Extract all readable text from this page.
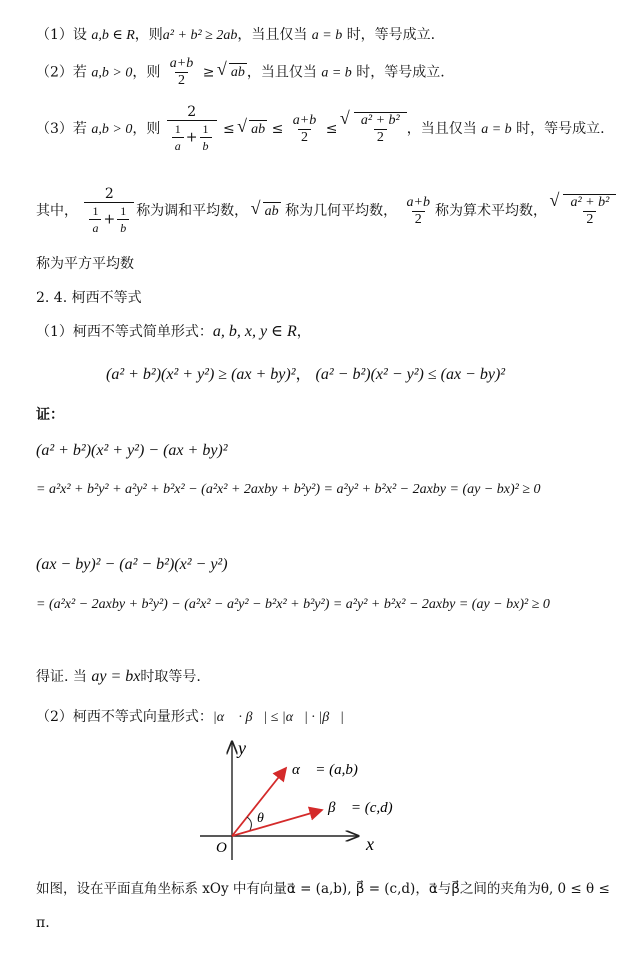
（1）设 a,b ∈ R，则a² + b² ≥ 2ab，当且仅当 a = b 时，等号成立.
（2）若 a,b > 0，则 $\frac{a+b}{2}$ ≥ √ ab ，当且仅当 a = b 时，等号成立.
（3）若 a,b > 0，则 $\frac{2}{\frac{1}{a} + \frac{1}{b}}$ ≤ √ ab ≤ $\frac{a+b}{2}$ ≤ √ $\frac{\text{a² + b²}}{2}$ ，当且仅当 a = b 时，等号成立.
其中， $\frac{2}{\frac{1}{a} + \frac{1}{b}}$ 称为调和平均数， √ ab 称为几何平均数， $\frac{a+b}{2}$ 称为算术平均数， √ $\frac{\text{a² + b²}}{2}$
称为平方平均数
2. 4. 柯西不等式
（1）柯西不等式简单形式：a, b, x, y ∈ R，
(a² + b²)(x² + y²) ≥ (ax + by)²， (a² − b²)(x² − y²) ≤ (ax − by)²
证：
(a² + b²)(x² + y²) − (ax + by)²
= a²x² + b²y² + a²y² + b²x² − (a²x² + 2axby + b²y²) = a²y² + b²x² − 2axby = (ay − bx)² ≥ 0
(ax − by)² − (a² − b²)(x² − y²)
= (a²x² − 2axby + b²y²) − (a²x² − a²y² − b²x² + b²y²) = a²y² + b²x² − 2axby = (ay − bx)² ≥ 0
得证. 当 ay = bx时取等号.
（2）柯西不等式向量形式：|α⃗ · β⃗| ≤ |α⃗| · |β⃗|
y
x
O
θ
α⃗ = (a,b)
β⃗ = (c,d)
如图，设在平面直角坐标系 xOy 中有向量α⃗ = (a,b), β⃗ = (c,d)，α⃗与β⃗之间的夹角为θ, 0 ≤ θ ≤
π.
